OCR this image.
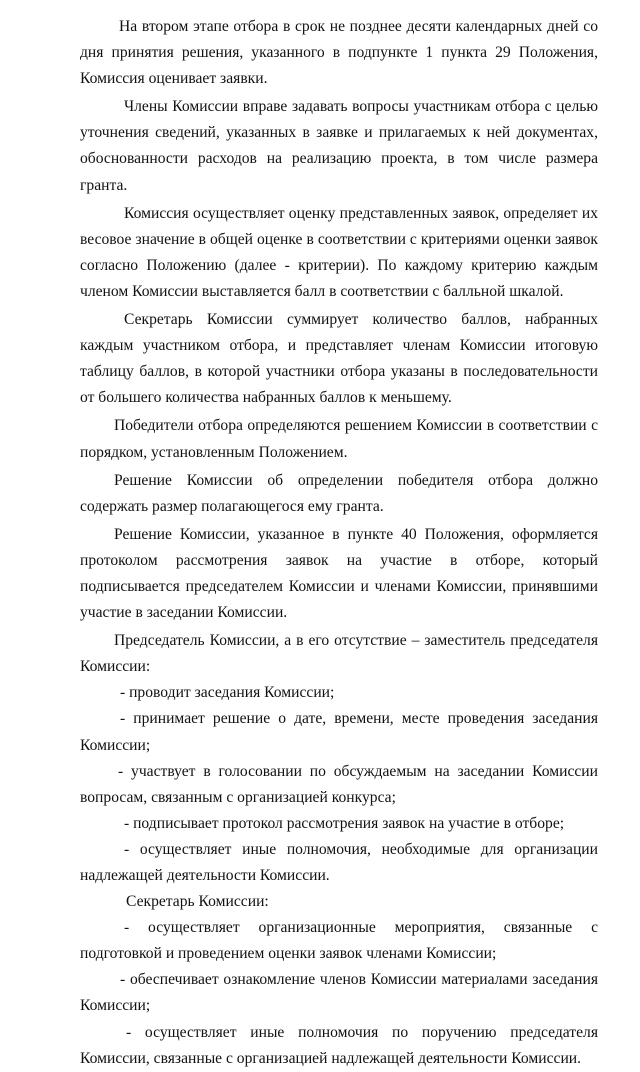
На втором этапе отбора в срок не позднее десяти календарных дней со дня принятия решения, указанного в подпункте 1 пункта 29 Положения, Комиссия оценивает заявки.

Члены Комиссии вправе задавать вопросы участникам отбора с целью уточнения сведений, указанных в заявке и прилагаемых к ней документах, обоснованности расходов на реализацию проекта, в том числе размера гранта.

Комиссия осуществляет оценку представленных заявок, определяет их весовое значение в общей оценке в соответствии с критериями оценки заявок согласно Положению (далее - критерии). По каждому критерию каждым членом Комиссии выставляется балл в соответствии с балльной шкалой.

Секретарь Комиссии суммирует количество баллов, набранных каждым участником отбора, и представляет членам Комиссии итоговую таблицу баллов, в которой участники отбора указаны в последовательности от большего количества набранных баллов к меньшему.

Победители отбора определяются решением Комиссии в соответствии с порядком, установленным Положением.

Решение Комиссии об определении победителя отбора должно содержать размер полагающегося ему гранта.

Решение Комиссии, указанное в пункте 40 Положения, оформляется протоколом рассмотрения заявок на участие в отборе, который подписывается председателем Комиссии и членами Комиссии, принявшими участие в заседании Комиссии.

Председатель Комиссии, а в его отсутствие – заместитель председателя Комиссии:

- проводит заседания Комиссии;

- принимает решение о дате, времени, месте проведения заседания Комиссии;

- участвует в голосовании по обсуждаемым на заседании Комиссии вопросам, связанным с организацией конкурса;

- подписывает протокол рассмотрения заявок на участие в отборе;

- осуществляет иные полномочия, необходимые для организации надлежащей деятельности Комиссии.

Секретарь Комиссии:

- осуществляет организационные мероприятия, связанные с подготовкой и проведением оценки заявок членами Комиссии;

- обеспечивает ознакомление членов Комиссии материалами заседания Комиссии;

- осуществляет иные полномочия по поручению председателя Комиссии, связанные с организацией надлежащей деятельности Комиссии.
